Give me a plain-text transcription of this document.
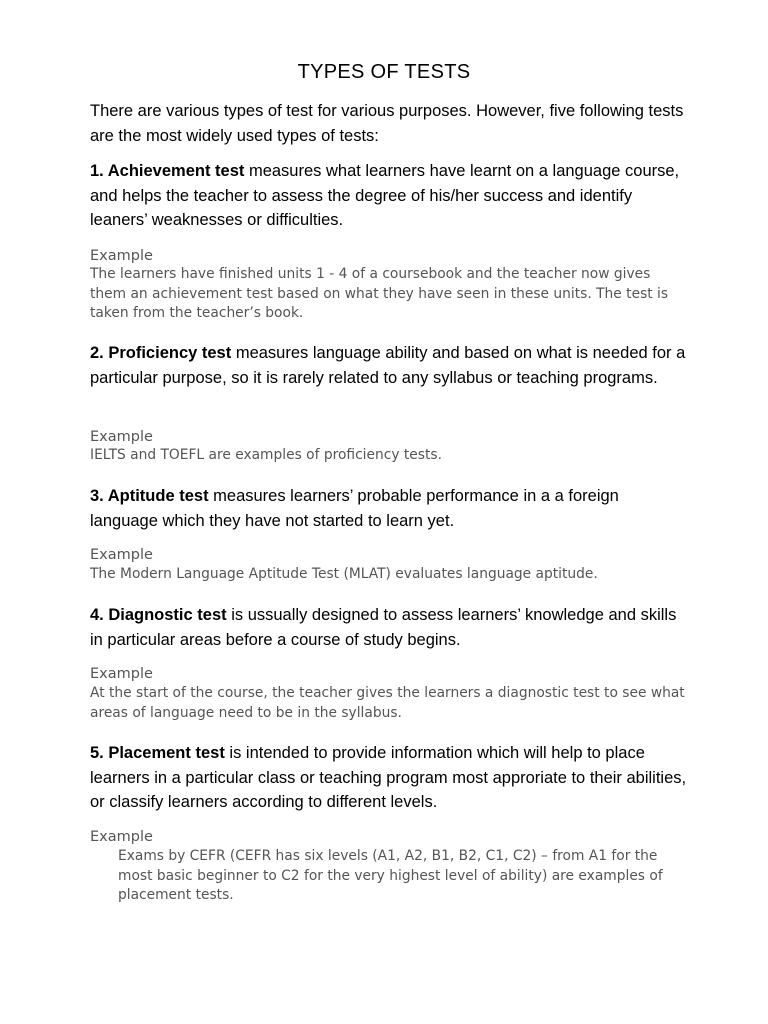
TYPES OF TESTS
There are various types of test for various purposes. However, five following tests are the most widely used types of tests:
1. Achievement test measures what learners have learnt on a language course, and helps the teacher to assess the degree of his/her success and identify leaners’ weaknesses or difficulties.
Example
The learners have finished units 1 - 4 of a coursebook and the teacher now gives them an achievement test based on what they have seen in these units. The test is taken from the teacher’s book.
2. Proficiency test measures language ability and based on what is needed for a particular purpose, so it is rarely related to any syllabus or teaching programs.
Example
IELTS and TOEFL are examples of proficiency tests.
3. Aptitude test measures learners’ probable performance in a a foreign language which they have not started to learn yet.
Example
The Modern Language Aptitude Test (MLAT) evaluates language aptitude.
4. Diagnostic test is ussually designed to assess learners’ knowledge and skills in particular areas before a course of study begins.
Example
At the start of the course, the teacher gives the learners a diagnostic test to see what areas of language need to be in the syllabus.
5. Placement test is intended to provide information which will help to place learners in a particular class or teaching program most approriate to their abilities, or classify learners according to different levels.
Example
Exams by CEFR (CEFR has six levels (A1, A2, B1, B2, C1, C2) – from A1 for the most basic beginner to C2 for the very highest level of ability) are examples of placement tests.
